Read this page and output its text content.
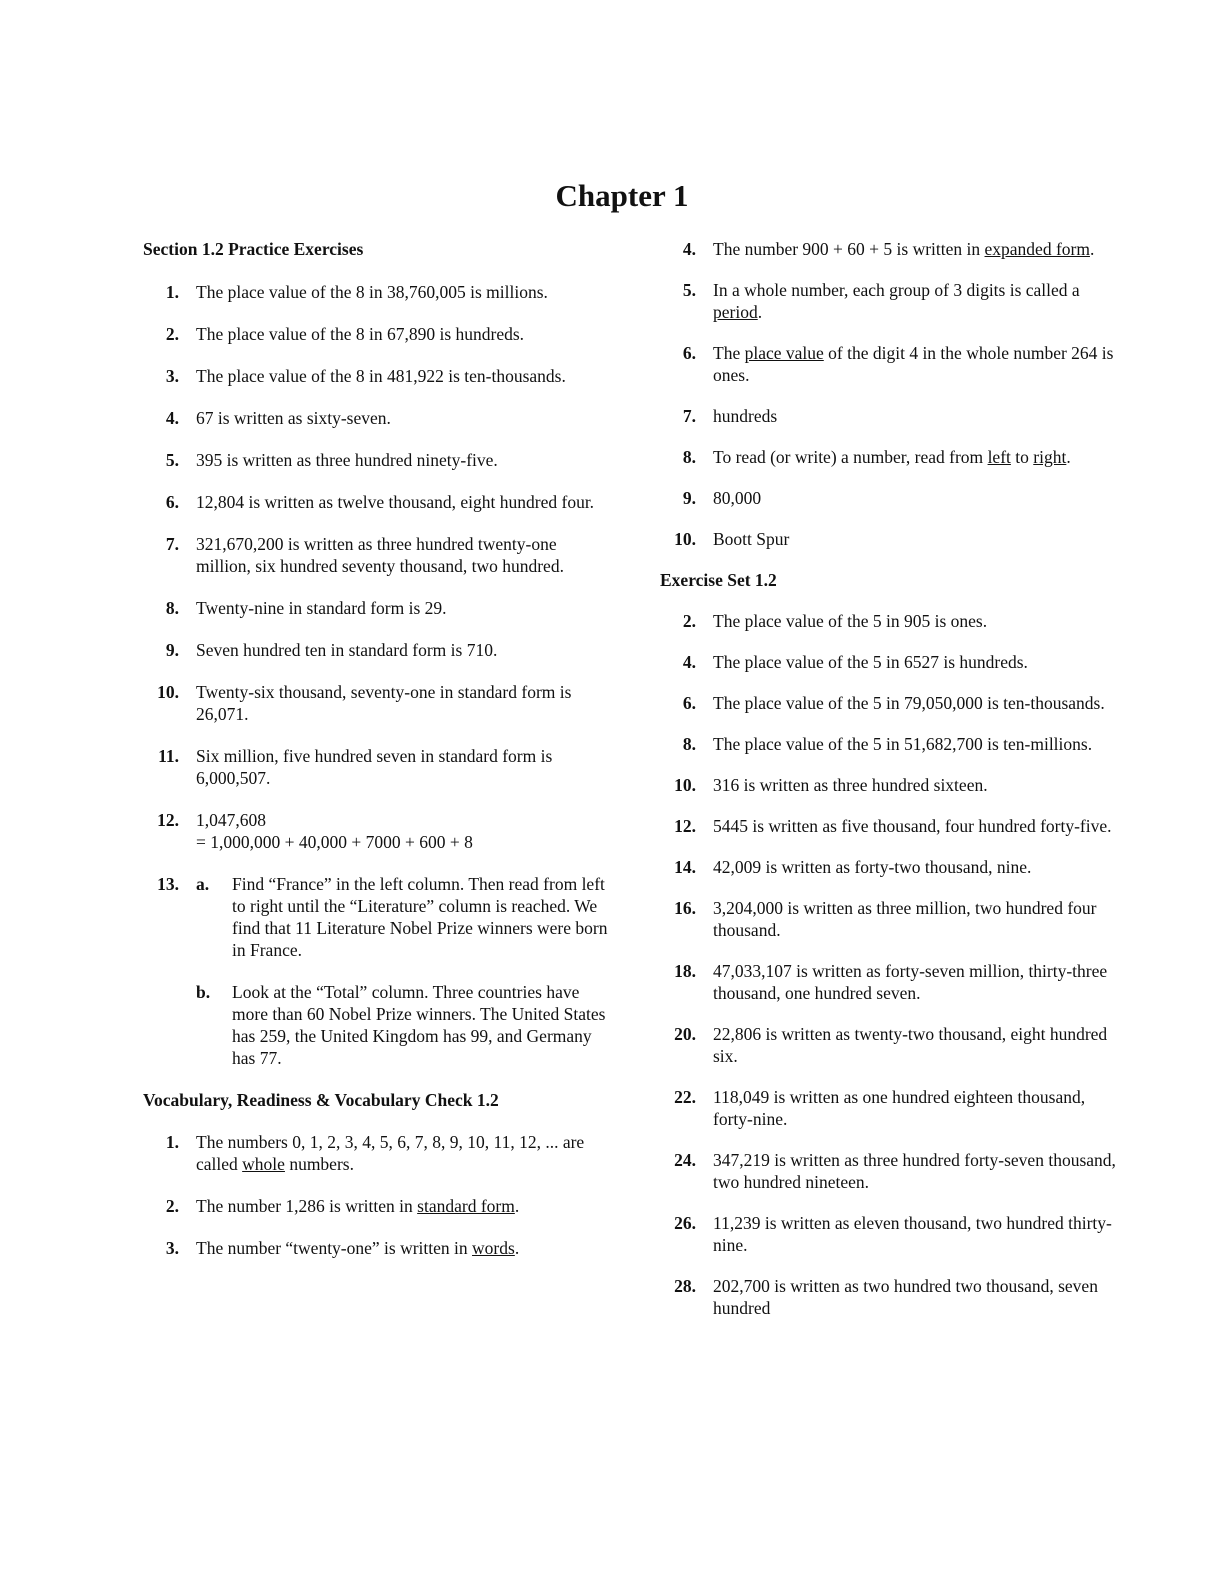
Chapter 1

Section 1.2 Practice Exercises

1. The place value of the 8 in 38,760,005 is millions.
2. The place value of the 8 in 67,890 is hundreds.
3. The place value of the 8 in 481,922 is ten-thousands.
4. 67 is written as sixty-seven.
5. 395 is written as three hundred ninety-five.
6. 12,804 is written as twelve thousand, eight hundred four.
7. 321,670,200 is written as three hundred twenty-one million, six hundred seventy thousand, two hundred.
8. Twenty-nine in standard form is 29.
9. Seven hundred ten in standard form is 710.
10. Twenty-six thousand, seventy-one in standard form is 26,071.
11. Six million, five hundred seven in standard form is 6,000,507.
12. 1,047,608
= 1,000,000 + 40,000 + 7000 + 600 + 8
13. a.	Find “France” in the left column. Then read from left to right until the “Literature” column is reached. We find that 11 Literature Nobel Prize winners were born in France.
b.	Look at the “Total” column. Three countries have more than 60 Nobel Prize winners. The United States has 259, the United Kingdom has 99, and Germany has 77.

Vocabulary, Readiness & Vocabulary Check 1.2

1. The numbers 0, 1, 2, 3, 4, 5, 6, 7, 8, 9, 10, 11, 12, ... are called whole numbers.
2. The number 1,286 is written in standard form.
3. The number “twenty-one” is written in words.
4. The number 900 + 60 + 5 is written in expanded form.
5. In a whole number, each group of 3 digits is called a period.
6. The place value of the digit 4 in the whole number 264 is ones.
7. hundreds
8. To read (or write) a number, read from left to right.
9. 80,000
10. Boott Spur

Exercise Set 1.2

2. The place value of the 5 in 905 is ones.
4. The place value of the 5 in 6527 is hundreds.
6. The place value of the 5 in 79,050,000 is ten-thousands.
8. The place value of the 5 in 51,682,700 is ten-millions.
10. 316 is written as three hundred sixteen.
12. 5445 is written as five thousand, four hundred forty-five.
14. 42,009 is written as forty-two thousand, nine.
16. 3,204,000 is written as three million, two hundred four thousand.
18. 47,033,107 is written as forty-seven million, thirty-three thousand, one hundred seven.
20. 22,806 is written as twenty-two thousand, eight hundred six.
22. 118,049 is written as one hundred eighteen thousand, forty-nine.
24. 347,219 is written as three hundred forty-seven thousand, two hundred nineteen.
26. 11,239 is written as eleven thousand, two hundred thirty-nine.
28. 202,700 is written as two hundred two thousand, seven hundred
